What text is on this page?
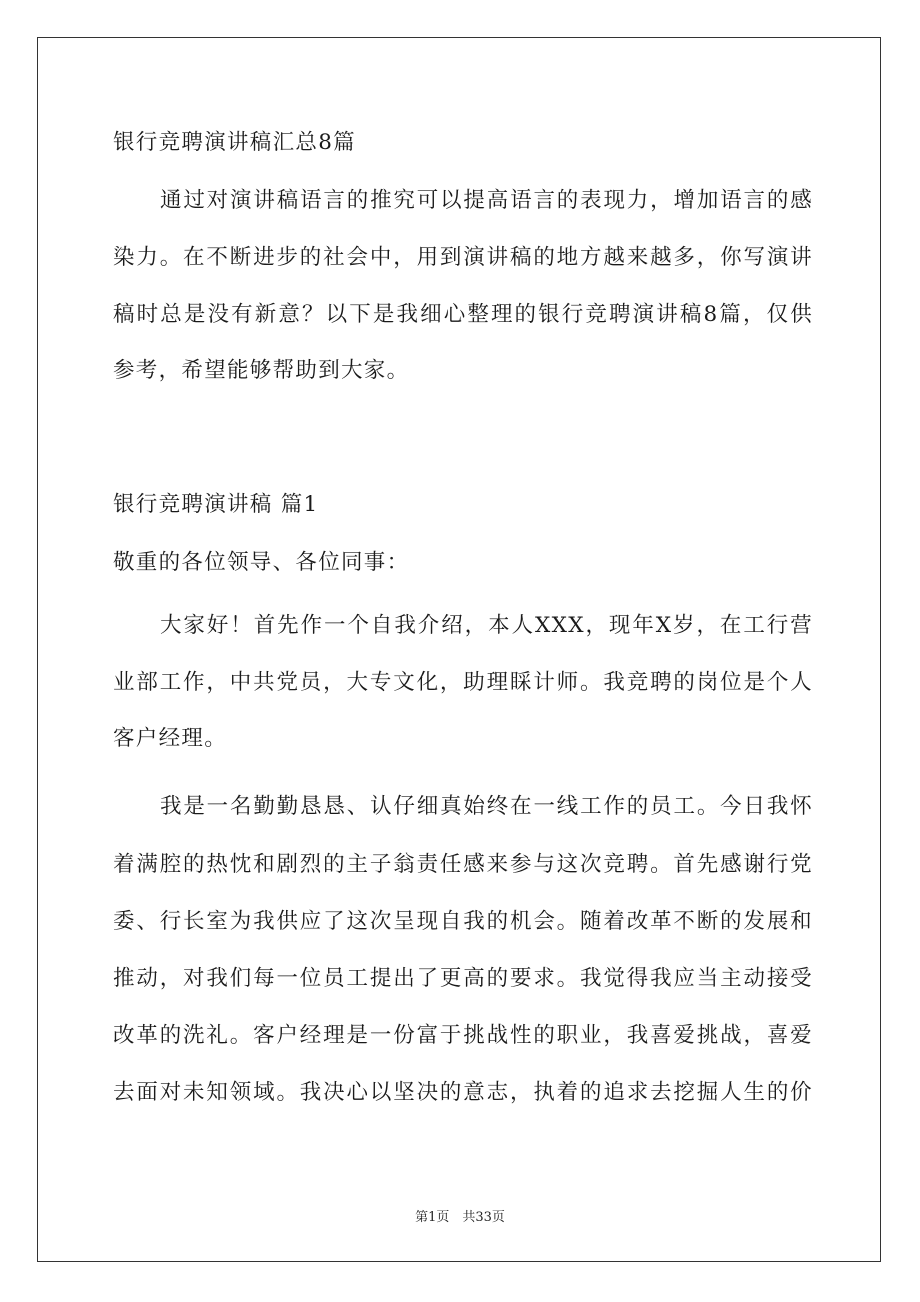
银行竞聘演讲稿汇总8篇
通过对演讲稿语言的推究可以提高语言的表现力，增加语言的感
染力。在不断进步的社会中，用到演讲稿的地方越来越多，你写演讲
稿时总是没有新意？以下是我细心整理的银行竞聘演讲稿8篇，仅供
参考，希望能够帮助到大家。
银行竞聘演讲稿 篇1
敬重的各位领导、各位同事：
大家好！首先作一个自我介绍，本人XXX，现年X岁，在工行营
业部工作，中共党员，大专文化，助理睬计师。我竞聘的岗位是个人
客户经理。
我是一名勤勤恳恳、认仔细真始终在一线工作的员工。今日我怀
着满腔的热忱和剧烈的主子翁责任感来参与这次竞聘。首先感谢行党
委、行长室为我供应了这次呈现自我的机会。随着改革不断的发展和
推动，对我们每一位员工提出了更高的要求。我觉得我应当主动接受
改革的洗礼。客户经理是一份富于挑战性的职业，我喜爱挑战，喜爱
去面对未知领域。我决心以坚决的意志，执着的追求去挖掘人生的价
第1页　共33页
